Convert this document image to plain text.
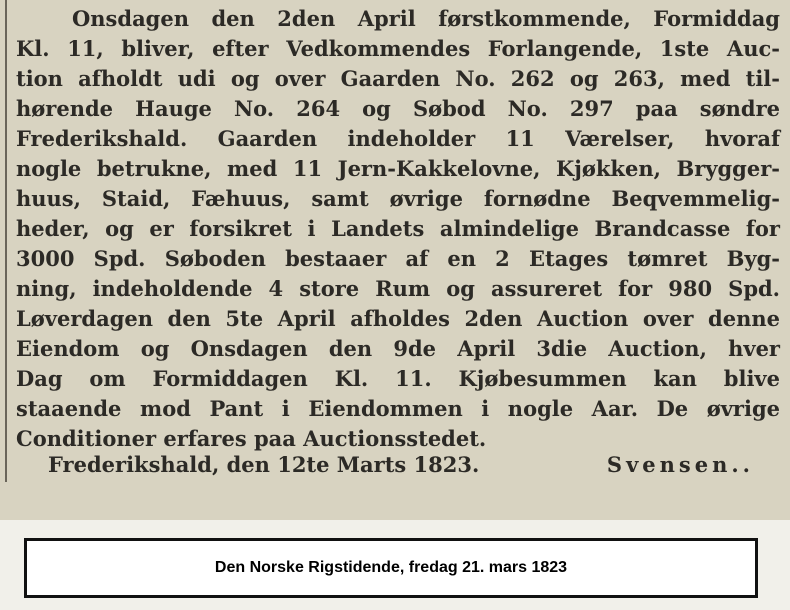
Onsdagen den 2den April førstkommende, Formiddag
Kl. 11, bliver, efter Vedkommendes Forlangende, 1ste Auc-
tion afholdt udi og over Gaarden No. 262 og 263, med til-
hørende Hauge No. 264 og Søbod No. 297 paa søndre
Frederikshald. Gaarden indeholder 11 Værelser, hvoraf
nogle betrukne, med 11 Jern-Kakkelovne, Kjøkken, Brygger-
huus, Staid, Fæhuus, samt øvrige fornødne Beqvemmelig-
heder, og er forsikret i Landets almindelige Brandcasse for
3000 Spd. Søboden bestaaer af en 2 Etages tømret Byg-
ning, indeholdende 4 store Rum og assureret for 980 Spd.
Løverdagen den 5te April afholdes 2den Auction over denne
Eiendom og Onsdagen den 9de April 3die Auction, hver
Dag om Formiddagen Kl. 11. Kjøbesummen kan blive
staaende mod Pant i Eiendommen i nogle Aar. De øvrige
Conditioner erfares paa Auctionsstedet.
Frederikshald, den 12te Marts 1823.	Svensen..
Den Norske Rigstidende, fredag 21. mars 1823
